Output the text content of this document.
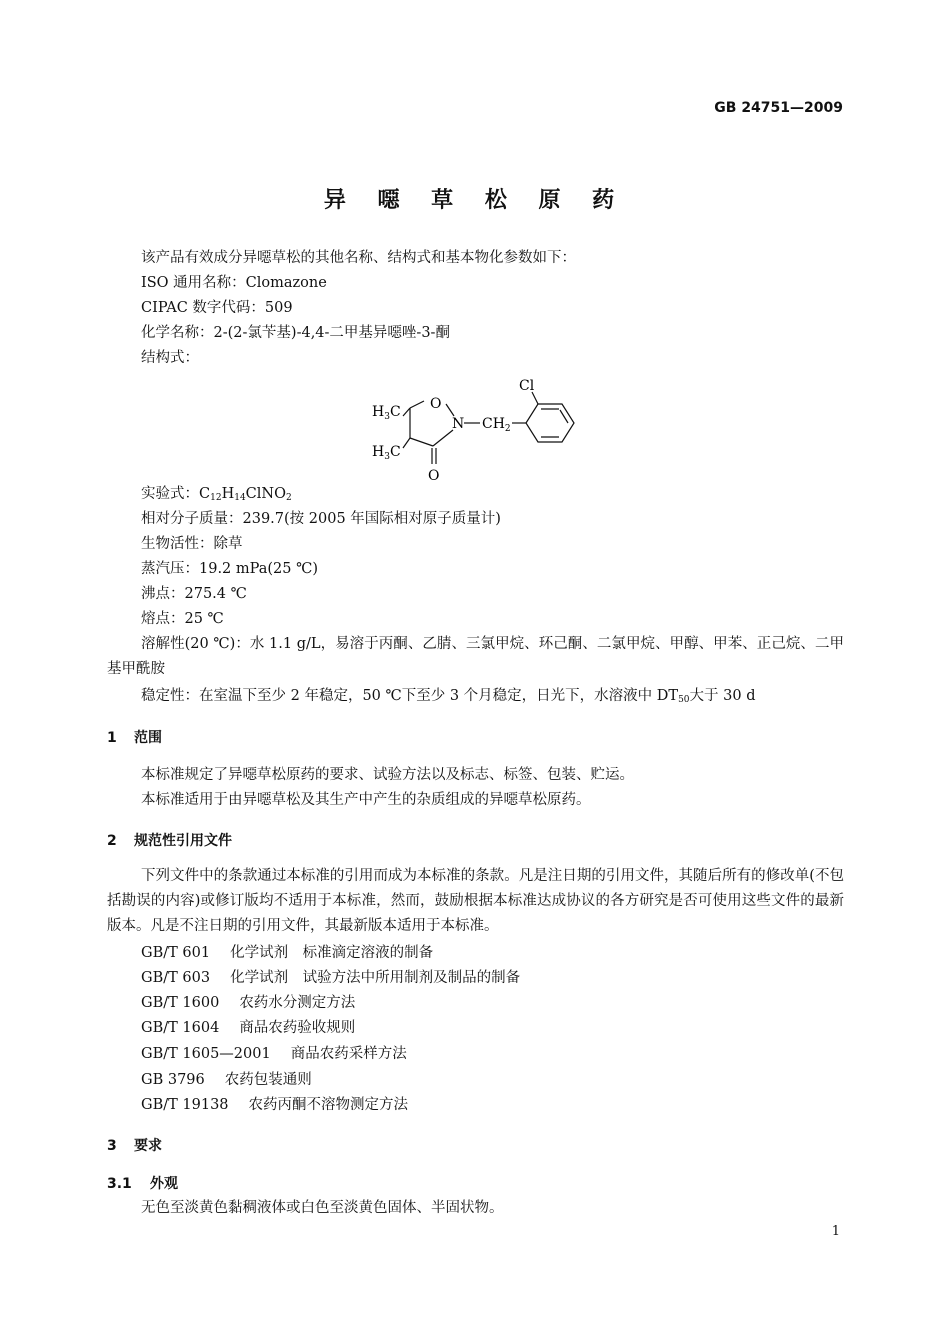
GB 24751—2009
异 噁 草 松 原 药
该产品有效成分异噁草松的其他名称、结构式和基本物化参数如下：
ISO 通用名称：Clomazone
CIPAC 数字代码：509
化学名称：2-(2-氯苄基)-4,4-二甲基异噁唑-3-酮
结构式：
Cl
O
N $CH_2$
$H_3C$
$H_3C$
O
实验式：$C_{12}H_{14}ClNO_2$
相对分子质量：239.7(按 2005 年国际相对原子质量计)
生物活性：除草
蒸汽压：19.2 mPa(25 ℃)
沸点：275.4 ℃
熔点：25 ℃
溶解性(20 ℃)：水 1.1 g/L，易溶于丙酮、乙腈、三氯甲烷、环己酮、二氯甲烷、甲醇、甲苯、正己烷、二甲基甲酰胺
稳定性：在室温下至少 2 年稳定，50 ℃下至少 3 个月稳定，日光下，水溶液中 $DT_{50}$大于 30 d
1 范围
本标准规定了异噁草松原药的要求、试验方法以及标志、标签、包装、贮运。
本标准适用于由异噁草松及其生产中产生的杂质组成的异噁草松原药。
2 规范性引用文件
下列文件中的条款通过本标准的引用而成为本标准的条款。凡是注日期的引用文件，其随后所有的修改单(不包括勘误的内容)或修订版均不适用于本标准，然而，鼓励根据本标准达成协议的各方研究是否可使用这些文件的最新版本。凡是不注日期的引用文件，其最新版本适用于本标准。
GB/T 601 化学试剂　标准滴定溶液的制备
GB/T 603 化学试剂　试验方法中所用制剂及制品的制备
GB/T 1600 农药水分测定方法
GB/T 1604 商品农药验收规则
GB/T 1605—2001 商品农药采样方法
GB 3796 农药包装通则
GB/T 19138 农药丙酮不溶物测定方法
3 要求
3.1 外观
无色至淡黄色黏稠液体或白色至淡黄色固体、半固状物。
1
